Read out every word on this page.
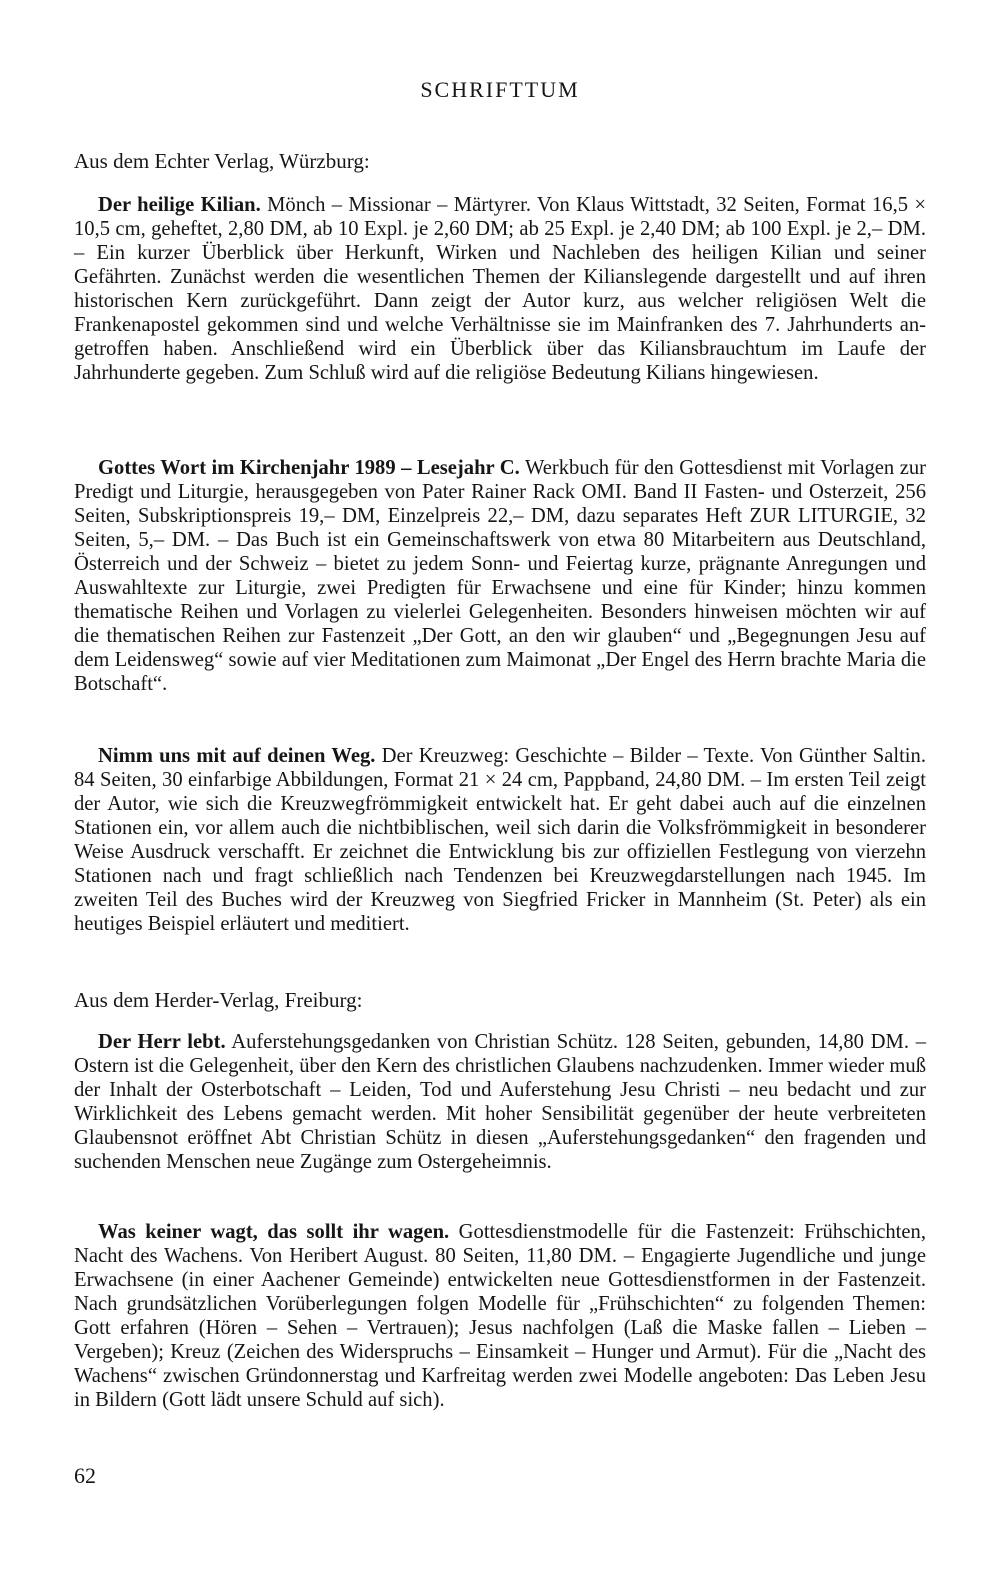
SCHRIFTTUM
Aus dem Echter Verlag, Würzburg:

Der heilige Kilian. Mönch – Missionar – Märtyrer. Von Klaus Wittstadt, 32 Seiten, Format 16,5 × 10,5 cm, geheftet, 2,80 DM, ab 10 Expl. je 2,60 DM; ab 25 Expl. je 2,40 DM; ab 100 Expl. je 2,– DM. – Ein kurzer Überblick über Herkunft, Wirken und Nachleben des heiligen Kilian und seiner Gefährten. Zunächst werden die wesentlichen Themen der Kilianslegende dargestellt und auf ihren historischen Kern zurückgeführt. Dann zeigt der Autor kurz, aus welcher religiösen Welt die Frankenapostel gekommen sind und welche Verhältnisse sie im Mainfranken des 7. Jahrhunderts angetroffen haben. Anschließend wird ein Überblick über das Kiliansbrauchtum im Laufe der Jahrhunderte gegeben. Zum Schluß wird auf die religiöse Bedeutung Kilians hingewiesen.

Gottes Wort im Kirchenjahr 1989 – Lesejahr C. Werkbuch für den Gottesdienst mit Vorlagen zur Predigt und Liturgie, herausgegeben von Pater Rainer Rack OMI. Band II Fasten- und Osterzeit, 256 Seiten, Subskriptionspreis 19,– DM, Einzelpreis 22,– DM, dazu separates Heft ZUR LITURGIE, 32 Seiten, 5,– DM. – Das Buch ist ein Gemeinschaftswerk von etwa 80 Mitarbeitern aus Deutschland, Österreich und der Schweiz – bietet zu jedem Sonn- und Feiertag kurze, prägnante Anregungen und Auswahltexte zur Liturgie, zwei Predigten für Erwachsene und eine für Kinder; hinzu kommen thematische Reihen und Vorlagen zu vielerlei Gelegenheiten. Besonders hinweisen möchten wir auf die thematischen Reihen zur Fastenzeit „Der Gott, an den wir glauben“ und „Begegnungen Jesu auf dem Leidensweg“ sowie auf vier Meditationen zum Maimonat „Der Engel des Herrn brachte Maria die Botschaft“.

Nimm uns mit auf deinen Weg. Der Kreuzweg: Geschichte – Bilder – Texte. Von Günther Saltin. 84 Seiten, 30 einfarbige Abbildungen, Format 21 × 24 cm, Pappband, 24,80 DM. – Im ersten Teil zeigt der Autor, wie sich die Kreuzwegfrömmigkeit entwickelt hat. Er geht dabei auch auf die einzelnen Stationen ein, vor allem auch die nichtbiblischen, weil sich darin die Volksfrömmigkeit in besonderer Weise Ausdruck verschafft. Er zeichnet die Entwicklung bis zur offiziellen Festlegung von vierzehn Stationen nach und fragt schließlich nach Tendenzen bei Kreuzwegdarstellungen nach 1945. Im zweiten Teil des Buches wird der Kreuzweg von Siegfried Fricker in Mannheim (St. Peter) als ein heutiges Beispiel erläutert und meditiert.

Aus dem Herder-Verlag, Freiburg:

Der Herr lebt. Auferstehungsgedanken von Christian Schütz. 128 Seiten, gebunden, 14,80 DM. – Ostern ist die Gelegenheit, über den Kern des christlichen Glaubens nachzudenken. Immer wieder muß der Inhalt der Osterbotschaft – Leiden, Tod und Auferstehung Jesu Christi – neu bedacht und zur Wirklichkeit des Lebens gemacht werden. Mit hoher Sensibilität gegenüber der heute verbreiteten Glaubensnot eröffnet Abt Christian Schütz in diesen „Auferstehungsgedanken“ den fragenden und suchenden Menschen neue Zugänge zum Ostergeheimnis.

Was keiner wagt, das sollt ihr wagen. Gottesdienstmodelle für die Fastenzeit: Frühschichten, Nacht des Wachens. Von Heribert August. 80 Seiten, 11,80 DM. – Engagierte Jugendliche und junge Erwachsene (in einer Aachener Gemeinde) entwickelten neue Gottesdienstformen in der Fastenzeit. Nach grundsätzlichen Vorüberlegungen folgen Modelle für „Frühschichten“ zu folgenden Themen: Gott erfahren (Hören – Sehen – Vertrauen); Jesus nachfolgen (Laß die Maske fallen – Lieben – Vergeben); Kreuz (Zeichen des Widerspruchs – Einsamkeit – Hunger und Armut). Für die „Nacht des Wachens“ zwischen Gründonnerstag und Karfreitag werden zwei Modelle angeboten: Das Leben Jesu in Bildern (Gott lädt unsere Schuld auf sich).

62
